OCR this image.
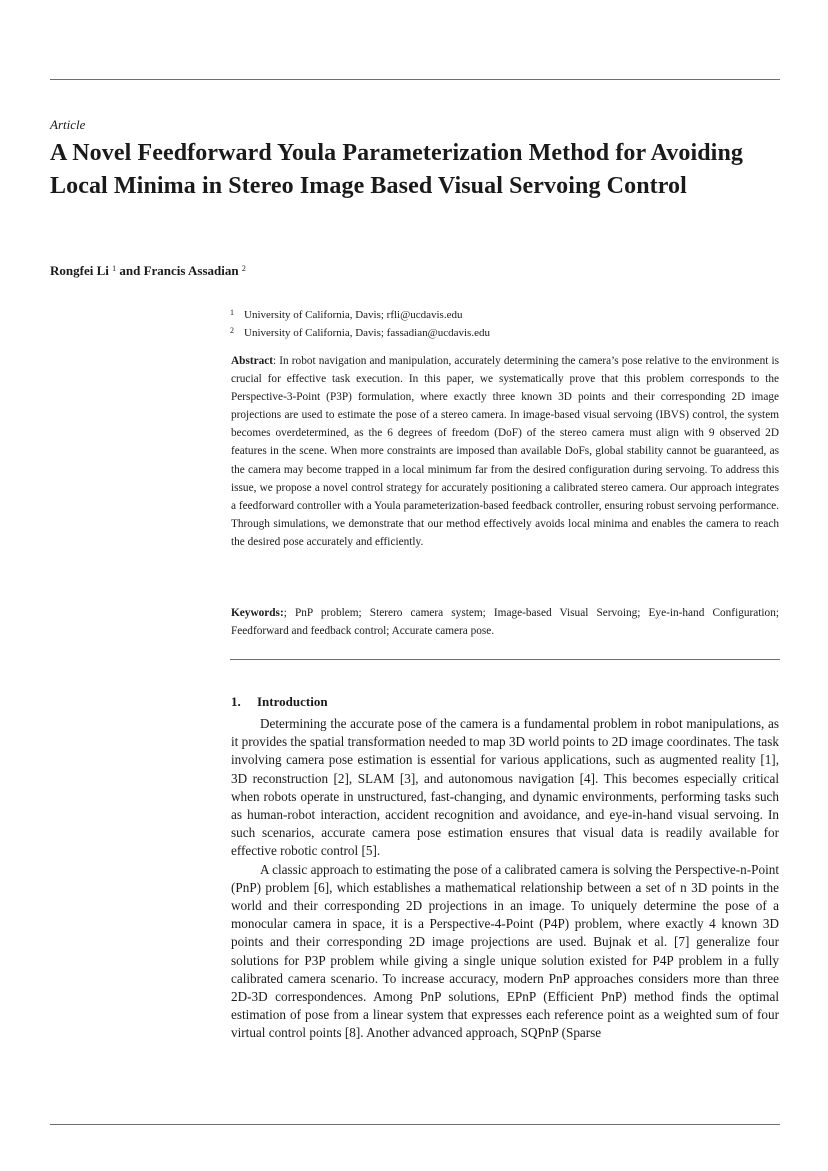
Article
A Novel Feedforward Youla Parameterization Method for Avoiding Local Minima in Stereo Image Based Visual Servoing Control
Rongfei Li $^1$ and Francis Assadian $^2$
1 University of California, Davis; rfli@ucdavis.edu
2 University of California, Davis; fassadian@ucdavis.edu

Abstract: In robot navigation and manipulation, accurately determining the camera’s pose relative to the environment is crucial for effective task execution. In this paper, we systematically prove that this problem corresponds to the Perspective-3-Point (P3P) formulation, where exactly three known 3D points and their corresponding 2D image projections are used to estimate the pose of a stereo camera. In image-based visual servoing (IBVS) control, the system becomes overdetermined, as the 6 degrees of freedom (DoF) of the stereo camera must align with 9 observed 2D features in the scene. When more constraints are imposed than available DoFs, global stability cannot be guaranteed, as the camera may become trapped in a local minimum far from the desired configuration during servoing. To address this issue, we propose a novel control strategy for accurately positioning a calibrated stereo camera. Our approach integrates a feedforward controller with a Youla parameterization-based feedback controller, ensuring robust servoing performance. Through simulations, we demonstrate that our method effectively avoids local minima and enables the camera to reach the desired pose accurately and efficiently.

Keywords:; PnP problem; Sterero camera system; Image-based Visual Servoing; Eye-in-hand Configuration; Feedforward and feedback control; Accurate camera pose.

1. Introduction

Determining the accurate pose of the camera is a fundamental problem in robot manipulations, as it provides the spatial transformation needed to map 3D world points to 2D image coordinates. The task involving camera pose estimation is essential for various applications, such as augmented reality [1], 3D reconstruction [2], SLAM [3], and autonomous navigation [4]. This becomes especially critical when robots operate in unstructured, fast-changing, and dynamic environments, performing tasks such as human-robot interaction, accident recognition and avoidance, and eye-in-hand visual servoing. In such scenarios, accurate camera pose estimation ensures that visual data is readily available for effective robotic control [5].

A classic approach to estimating the pose of a calibrated camera is solving the Perspective-n-Point (PnP) problem [6], which establishes a mathematical relationship between a set of n 3D points in the world and their corresponding 2D projections in an image. To uniquely determine the pose of a monocular camera in space, it is a Perspective-4-Point (P4P) problem, where exactly 4 known 3D points and their corresponding 2D image projections are used. Bujnak et al. [7] generalize four solutions for P3P problem while giving a single unique solution existed for P4P problem in a fully calibrated camera scenario. To increase accuracy, modern PnP approaches considers more than three 2D-3D correspondences. Among PnP solutions, EPnP (Efficient PnP) method finds the optimal estimation of pose from a linear system that expresses each reference point as a weighted sum of four virtual control points [8]. Another advanced approach, SQPnP (Sparse
